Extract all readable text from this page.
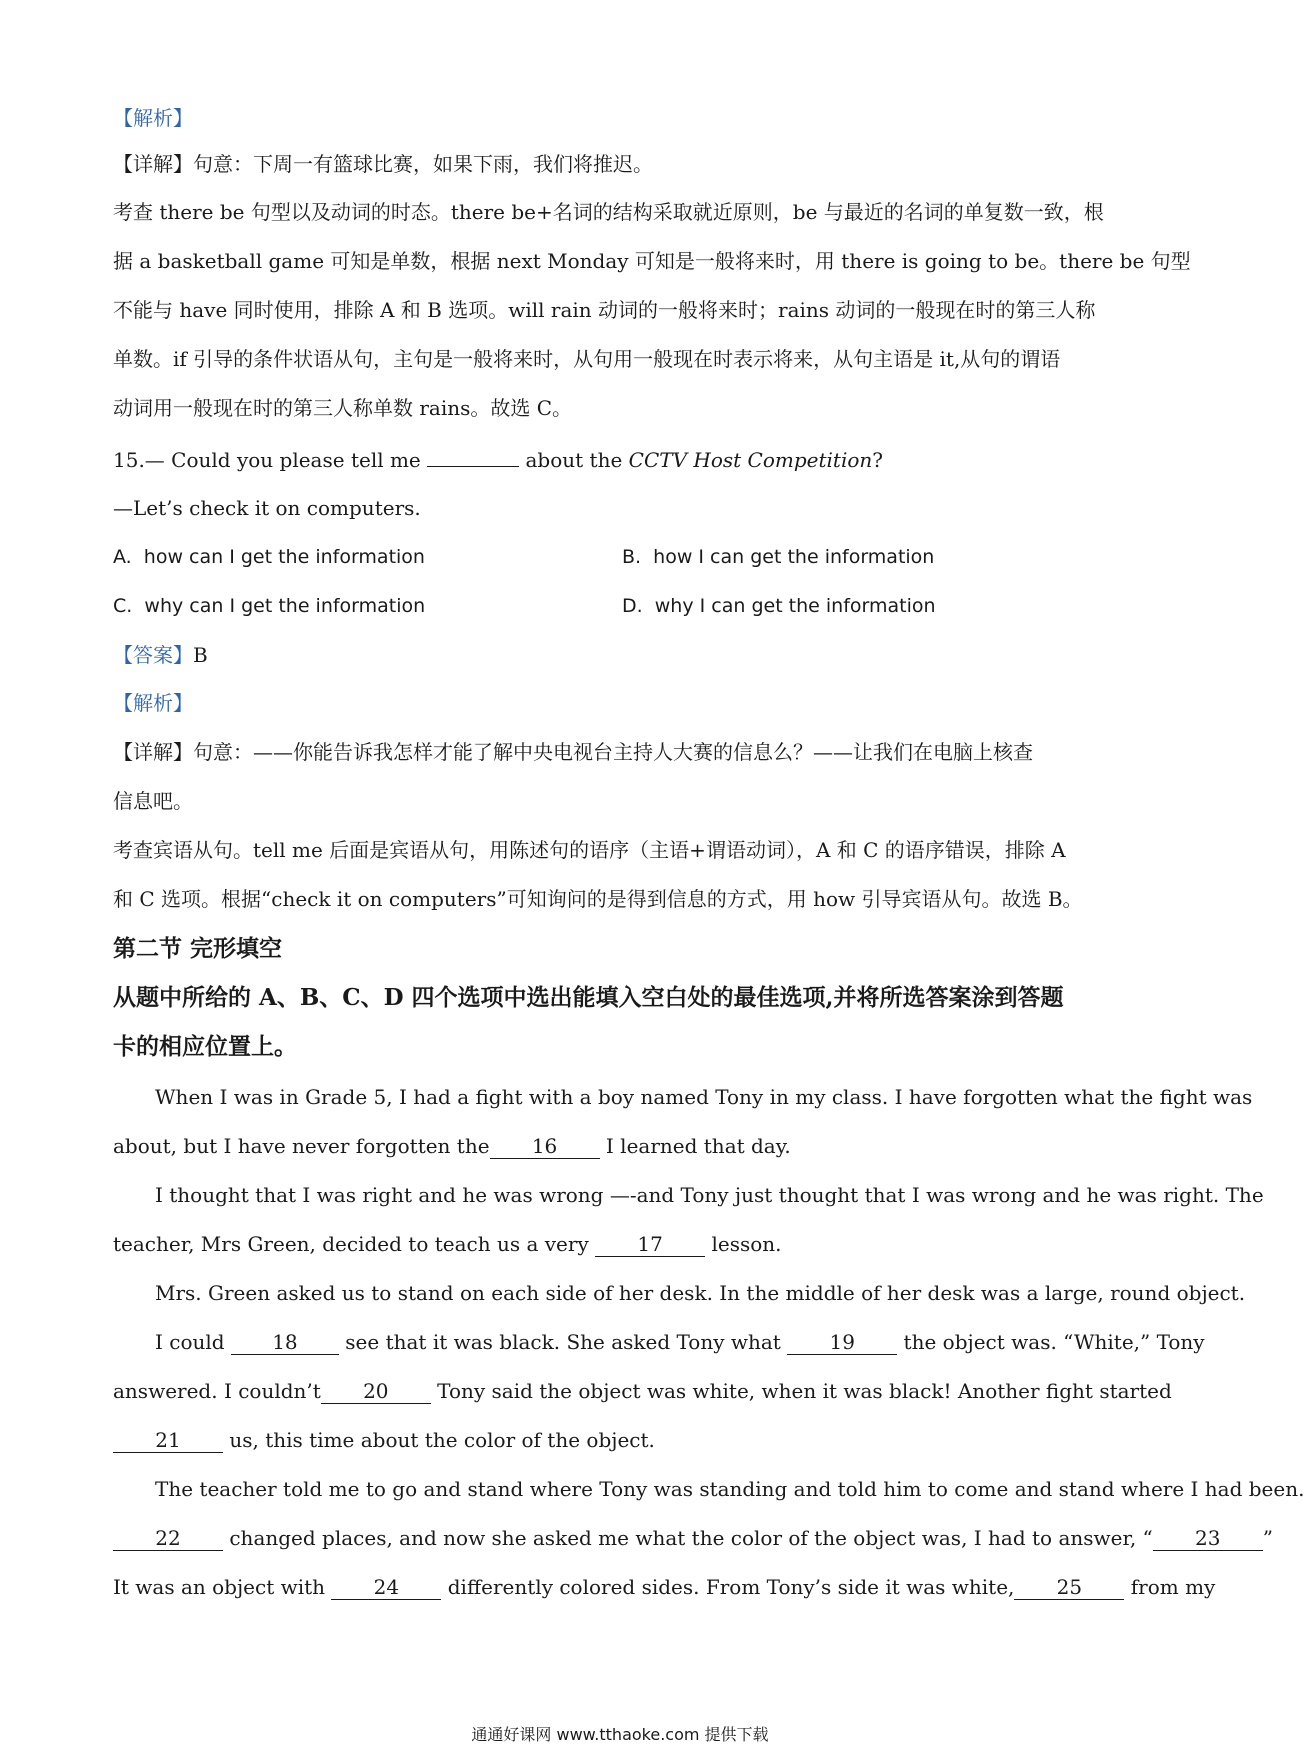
【解析】
【详解】句意：下周一有篮球比赛，如果下雨，我们将推迟。
考查 there be 句型以及动词的时态。there be+名词的结构采取就近原则，be 与最近的名词的单复数一致，根
据 a basketball game 可知是单数，根据 next Monday 可知是一般将来时，用 there is going to be。there be 句型
不能与 have 同时使用，排除 A 和 B 选项。will rain 动词的一般将来时；rains 动词的一般现在时的第三人称
单数。if 引导的条件状语从句，主句是一般将来时，从句用一般现在时表示将来，从句主语是 it,从句的谓语
动词用一般现在时的第三人称单数 rains。故选 C。
15.— Could you please tell me	about the CCTV Host Competition?
—Let’s check it on computers.
A. how can I get the information	B. how I can get the information
C. why can I get the information	D. why I can get the information
【答案】B
【解析】
【详解】句意：——你能告诉我怎样才能了解中央电视台主持人大赛的信息么？——让我们在电脑上核查
信息吧。
考查宾语从句。tell me 后面是宾语从句，用陈述句的语序（主语+谓语动词），A 和 C 的语序错误，排除 A
和 C 选项。根据“check it on computers”可知询问的是得到信息的方式，用 how 引导宾语从句。故选 B。
第二节 完形填空
从题中所给的 A、B、C、D 四个选项中选出能填入空白处的最佳选项,并将所选答案涂到答题
卡的相应位置上。
When I was in Grade 5, I had a fight with a boy named Tony in my class. I have forgotten what the fight was
about, but I have never forgotten the 16 I learned that day.
I thought that I was right and he was wrong —-and Tony just thought that I was wrong and he was right. The
teacher, Mrs Green, decided to teach us a very 17 lesson.
Mrs. Green asked us to stand on each side of her desk. In the middle of her desk was a large, round object.
I could 18 see that it was black. She asked Tony what 19 the object was. “White,” Tony
answered. I couldn’t 20 Tony said the object was white, when it was black! Another fight started
21 us, this time about the color of the object.
The teacher told me to go and stand where Tony was standing and told him to come and stand where I had been.
22 changed places, and now she asked me what the color of the object was, I had to answer, “ 23 ”
It was an object with 24 differently colored sides. From Tony’s side it was white, 25 from my
通通好课网 www.tthaoke.com 提供下载
